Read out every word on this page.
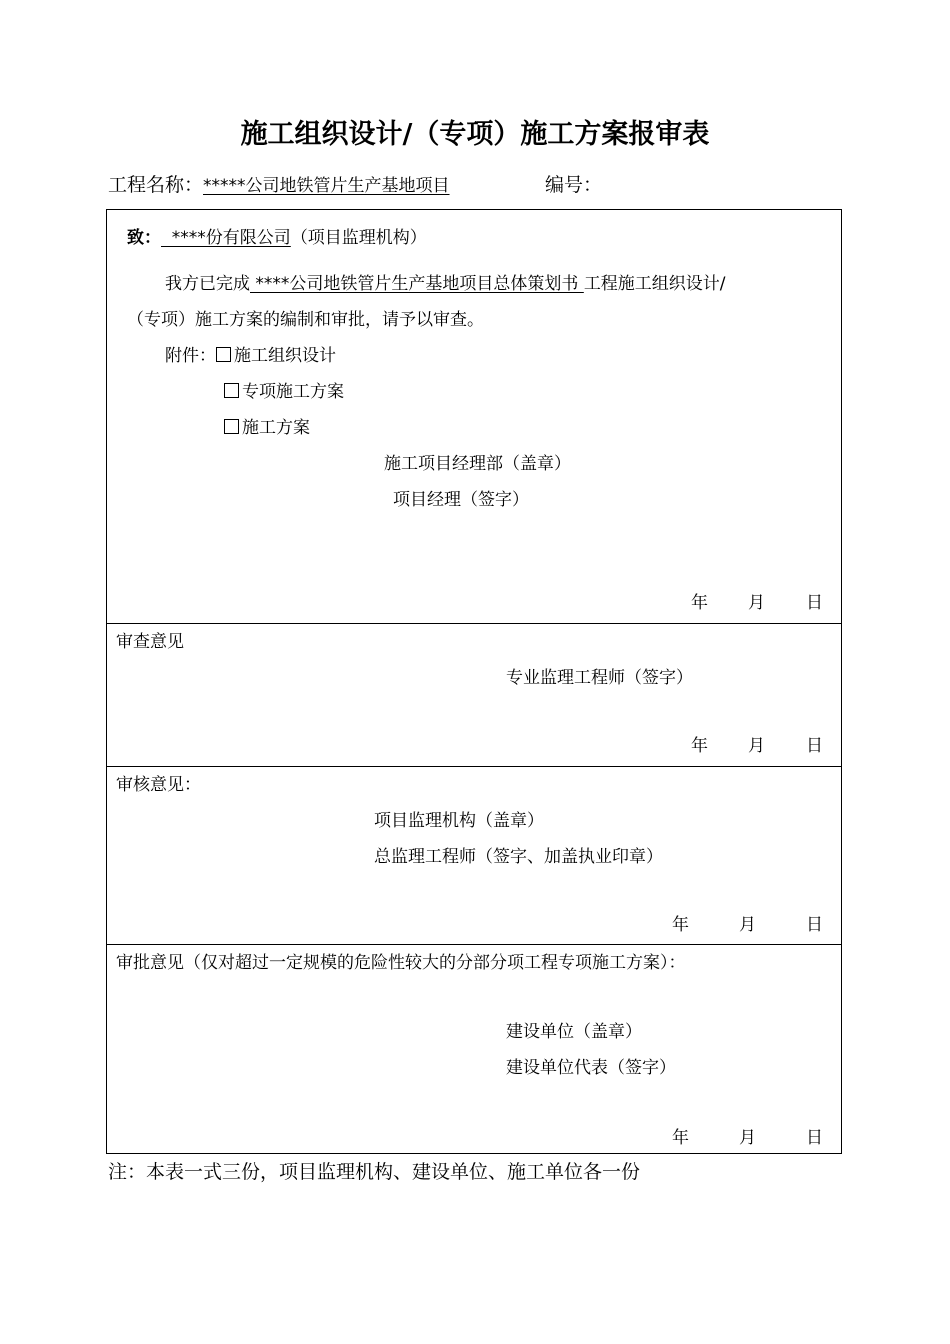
施工组织设计/（专项）施工方案报审表
工程名称：*****公司地铁管片生产基地项目	编号：
致：  ****份有限公司（项目监理机构）
我方已完成 ****公司地铁管片生产基地项目总体策划书 工程施工组织设计/
（专项）施工方案的编制和审批，请予以审查。
附件： 施工组织设计
专项施工方案
施工方案
施工项目经理部（盖章）
项目经理（签字）
年 月 日
审查意见
专业监理工程师（签字）
年 月 日
审核意见：
项目监理机构（盖章）
总监理工程师（签字、加盖执业印章）
年	月	日
审批意见（仅对超过一定规模的危险性较大的分部分项工程专项施工方案）：
建设单位（盖章）
建设单位代表（签字）
年	月	日
注：本表一式三份，项目监理机构、建设单位、施工单位各一份
